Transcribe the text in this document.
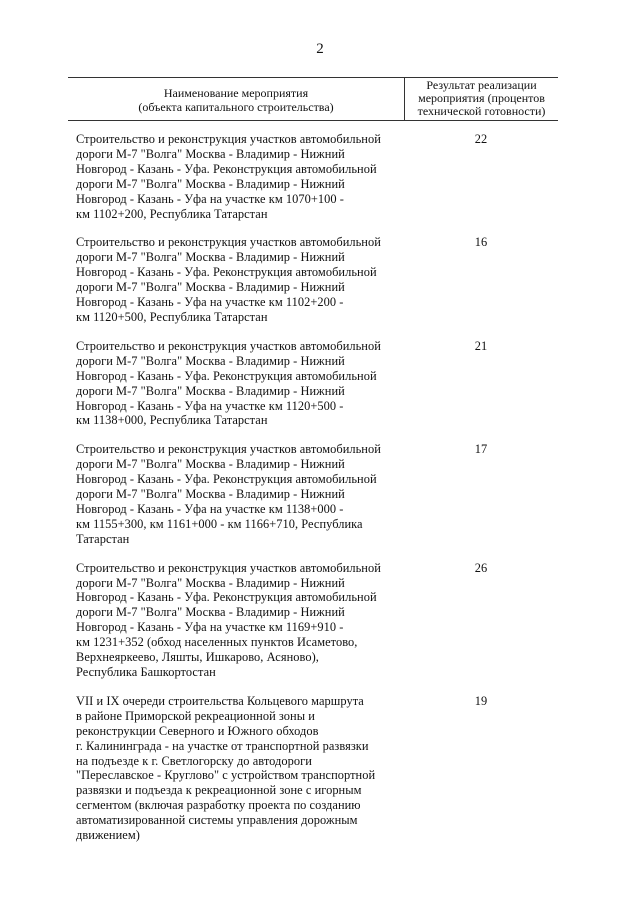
2
Наименование мероприятия
(объекта капитального строительства)
Результат реализации
мероприятия (процентов
технической готовности)
Строительство и реконструкция участков автомобильной
дороги М-7 "Волга" Москва - Владимир - Нижний
Новгород - Казань - Уфа. Реконструкция автомобильной
дороги М-7 "Волга" Москва - Владимир - Нижний
Новгород - Казань - Уфа на участке км 1070+100 -
км 1102+200, Республика Татарстан
22
Строительство и реконструкция участков автомобильной
дороги М-7 "Волга" Москва - Владимир - Нижний
Новгород - Казань - Уфа. Реконструкция автомобильной
дороги М-7 "Волга" Москва - Владимир - Нижний
Новгород - Казань - Уфа на участке км 1102+200 -
км 1120+500, Республика Татарстан
16
Строительство и реконструкция участков автомобильной
дороги М-7 "Волга" Москва - Владимир - Нижний
Новгород - Казань - Уфа. Реконструкция автомобильной
дороги М-7 "Волга" Москва - Владимир - Нижний
Новгород - Казань - Уфа на участке км 1120+500 -
км 1138+000, Республика Татарстан
21
Строительство и реконструкция участков автомобильной
дороги М-7 "Волга" Москва - Владимир - Нижний
Новгород - Казань - Уфа. Реконструкция автомобильной
дороги М-7 "Волга" Москва - Владимир - Нижний
Новгород - Казань - Уфа на участке км 1138+000 -
км 1155+300, км 1161+000 - км 1166+710, Республика
Татарстан
17
Строительство и реконструкция участков автомобильной
дороги М-7 "Волга" Москва - Владимир - Нижний
Новгород - Казань - Уфа. Реконструкция автомобильной
дороги М-7 "Волга" Москва - Владимир - Нижний
Новгород - Казань - Уфа на участке км 1169+910 -
км 1231+352 (обход населенных пунктов Исаметово,
Верхнеяркеево, Ляшты, Ишкарово, Асяново),
Республика Башкортостан
26
VII и IX очереди строительства Кольцевого маршрута
в районе Приморской рекреационной зоны и
реконструкции Северного и Южного обходов
г. Калининграда - на участке от транспортной развязки
на подъезде к г. Светлогорску до автодороги
"Переславское - Круглово" с устройством транспортной
развязки и подъезда к рекреационной зоне с игорным
сегментом (включая разработку проекта по созданию
автоматизированной системы управления дорожным
движением)
19
